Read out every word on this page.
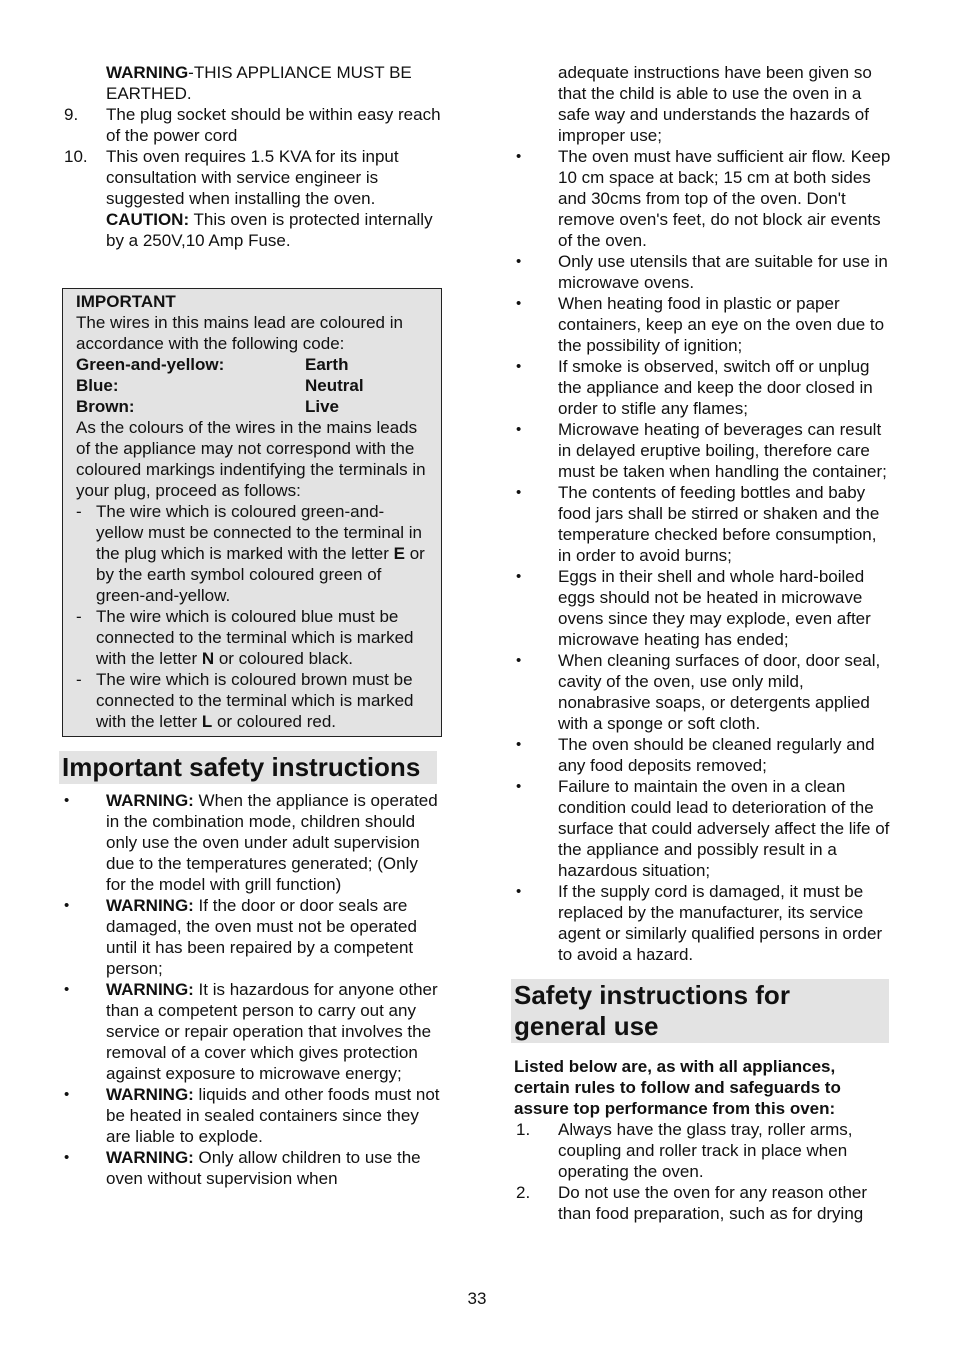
WARNING-THIS APPLIANCE MUST BE EARTHED.
9. The plug socket should be within easy reach of the power cord
10. This oven requires 1.5 KVA for its input consultation with service engineer is suggested when installing the oven.
CAUTION: This oven is protected internally by a 250V,10 Amp Fuse.
IMPORTANT
The wires in this mains lead are coloured in accordance with the following code:
Green-and-yellow:	Earth
Blue:	Neutral
Brown:	Live
As the colours of the wires in the mains leads of the appliance may not correspond with the coloured markings indentifying the terminals in your plug, proceed as follows:
- The wire which is coloured green-and-yellow must be connected to the terminal in the plug which is marked with the letter E or by the earth symbol coloured green of green-and-yellow.
- The wire which is coloured blue must be connected to the terminal which is marked with the letter N or coloured black.
- The wire which is coloured brown must be connected to the terminal which is marked with the letter L or coloured red.
Important safety instructions
• WARNING: When the appliance is operated in the combination mode, children should only use the oven under adult supervision due to the temperatures generated; (Only for the model with grill function)
• WARNING: If the door or door seals are damaged, the oven must not be operated until it has been repaired by a competent person;
• WARNING: It is hazardous for anyone other than a competent person to carry out any service or repair operation that involves the removal of a cover which gives protection against exposure to microwave energy;
• WARNING: liquids and other foods must not be heated in sealed containers since they are liable to explode.
• WARNING: Only allow children to use the oven without supervision when
adequate instructions have been given so that the child is able to use the oven in a safe way and understands the hazards of improper use;
• The oven must have sufficient air flow. Keep 10 cm space at back; 15 cm at both sides and 30cms from top of the oven. Don't remove oven's feet, do not block air events of the oven.
• Only use utensils that are suitable for use in microwave ovens.
• When heating food in plastic or paper containers, keep an eye on the oven due to the possibility of ignition;
• If smoke is observed, switch off or unplug the appliance and keep the door closed in order to stifle any flames;
• Microwave heating of beverages can result in delayed eruptive boiling, therefore care must be taken when handling the container;
• The contents of feeding bottles and baby food jars shall be stirred or shaken and the temperature checked before consumption, in order to avoid burns;
• Eggs in their shell and whole hard-boiled eggs should not be heated in microwave ovens since they may explode, even after microwave heating has ended;
• When cleaning surfaces of door, door seal, cavity of the oven, use only mild, nonabrasive soaps, or detergents applied with a sponge or soft cloth.
• The oven should be cleaned regularly and any food deposits removed;
• Failure to maintain the oven in a clean condition could lead to deterioration of the surface that could adversely affect the life of the appliance and possibly result in a hazardous situation;
• If the supply cord is damaged, it must be replaced by the manufacturer, its service agent or similarly qualified persons in order to avoid a hazard.
Safety instructions for general use
Listed below are, as with all appliances, certain rules to follow and safeguards to assure top performance from this oven:
1. Always have the glass tray, roller arms, coupling and roller track in place when operating the oven.
2. Do not use the oven for any reason other than food preparation, such as for drying
33
